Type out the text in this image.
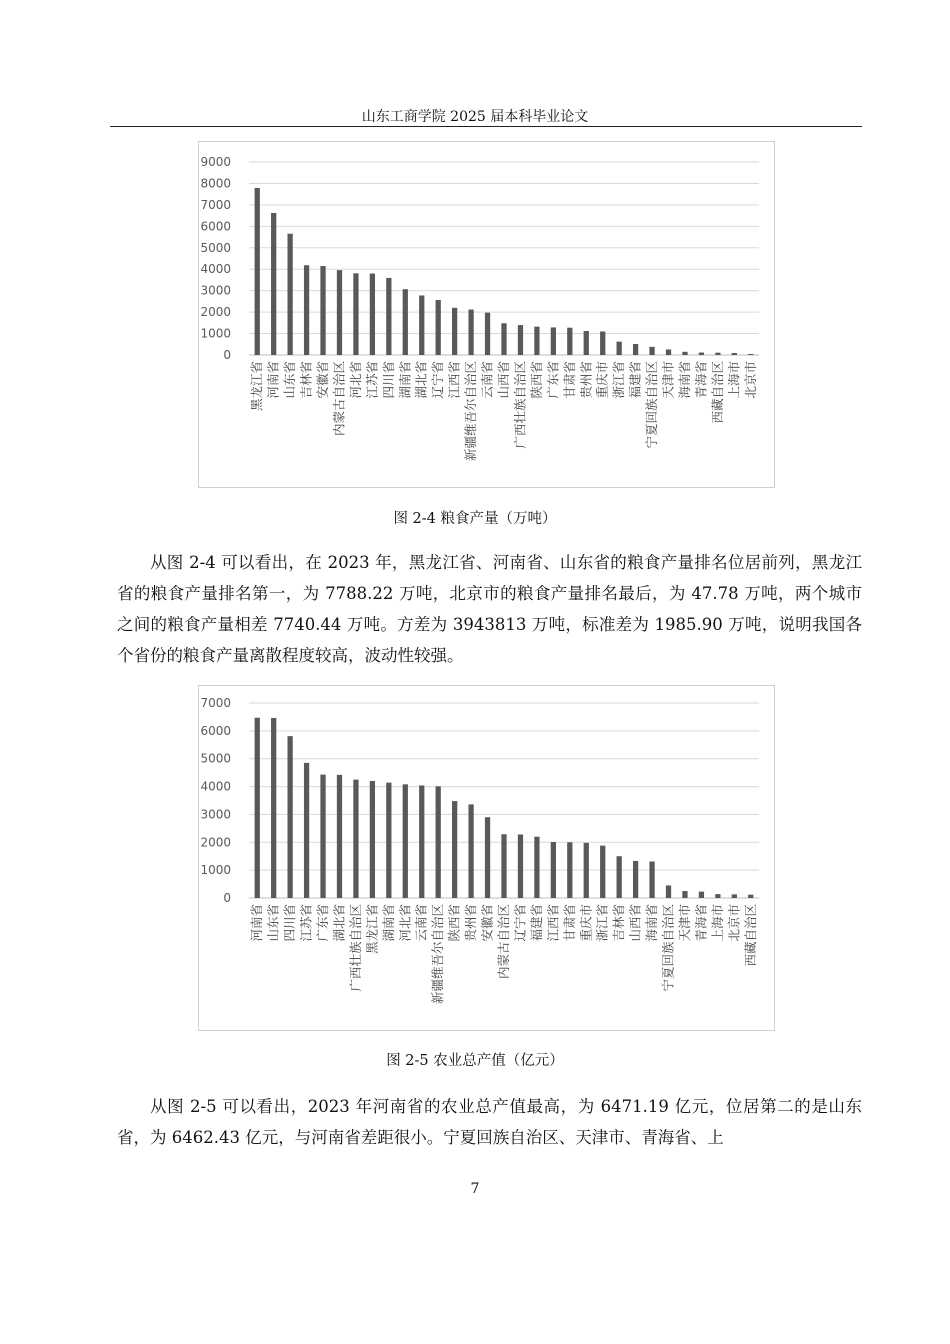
山东工商学院 2025 届本科毕业论文
0
1000
2000
3000
4000
5000
6000
7000
8000
9000
黑龙江省 河南省 山东省 吉林省 安徽省 内蒙古自治区 河北省 江苏省 四川省 湖南省 湖北省 辽宁省 江西省 新疆维吾尔自治区 云南省 山西省 广西壮族自治区 陕西省 广东省 甘肃省 贵州省 重庆市 浙江省 福建省 宁夏回族自治区 天津市 海南省 青海省 西藏自治区 上海市 北京市
图 2-4 粮食产量（万吨）

从图 2-4 可以看出，在 2023 年，黑龙江省、河南省、山东省的粮食产量排名位居前列，黑龙江省的粮食产量排名第一，为 7788.22 万吨，北京市的粮食产量排名最后，为 47.78 万吨，两个城市之间的粮食产量相差 7740.44 万吨。方差为 3943813 万吨，标准差为 1985.90 万吨，说明我国各个省份的粮食产量离散程度较高，波动性较强。

0
1000
2000
3000
4000
5000
6000
7000
河南省 山东省 四川省 江苏省 广东省 湖北省 广西壮族自治区 黑龙江省 湖南省 河北省 云南省 新疆维吾尔自治区 陕西省 贵州省 安徽省 内蒙古自治区 辽宁省 福建省 江西省 甘肃省 重庆市 浙江省 吉林省 山西省 海南省 宁夏回族自治区 天津市 青海省 上海市 北京市 西藏自治区
图 2-5 农业总产值（亿元）

从图 2-5 可以看出，2023 年河南省的农业总产值最高，为 6471.19 亿元，位居第二的是山东省，为 6462.43 亿元，与河南省差距很小。宁夏回族自治区、天津市、青海省、上

7
